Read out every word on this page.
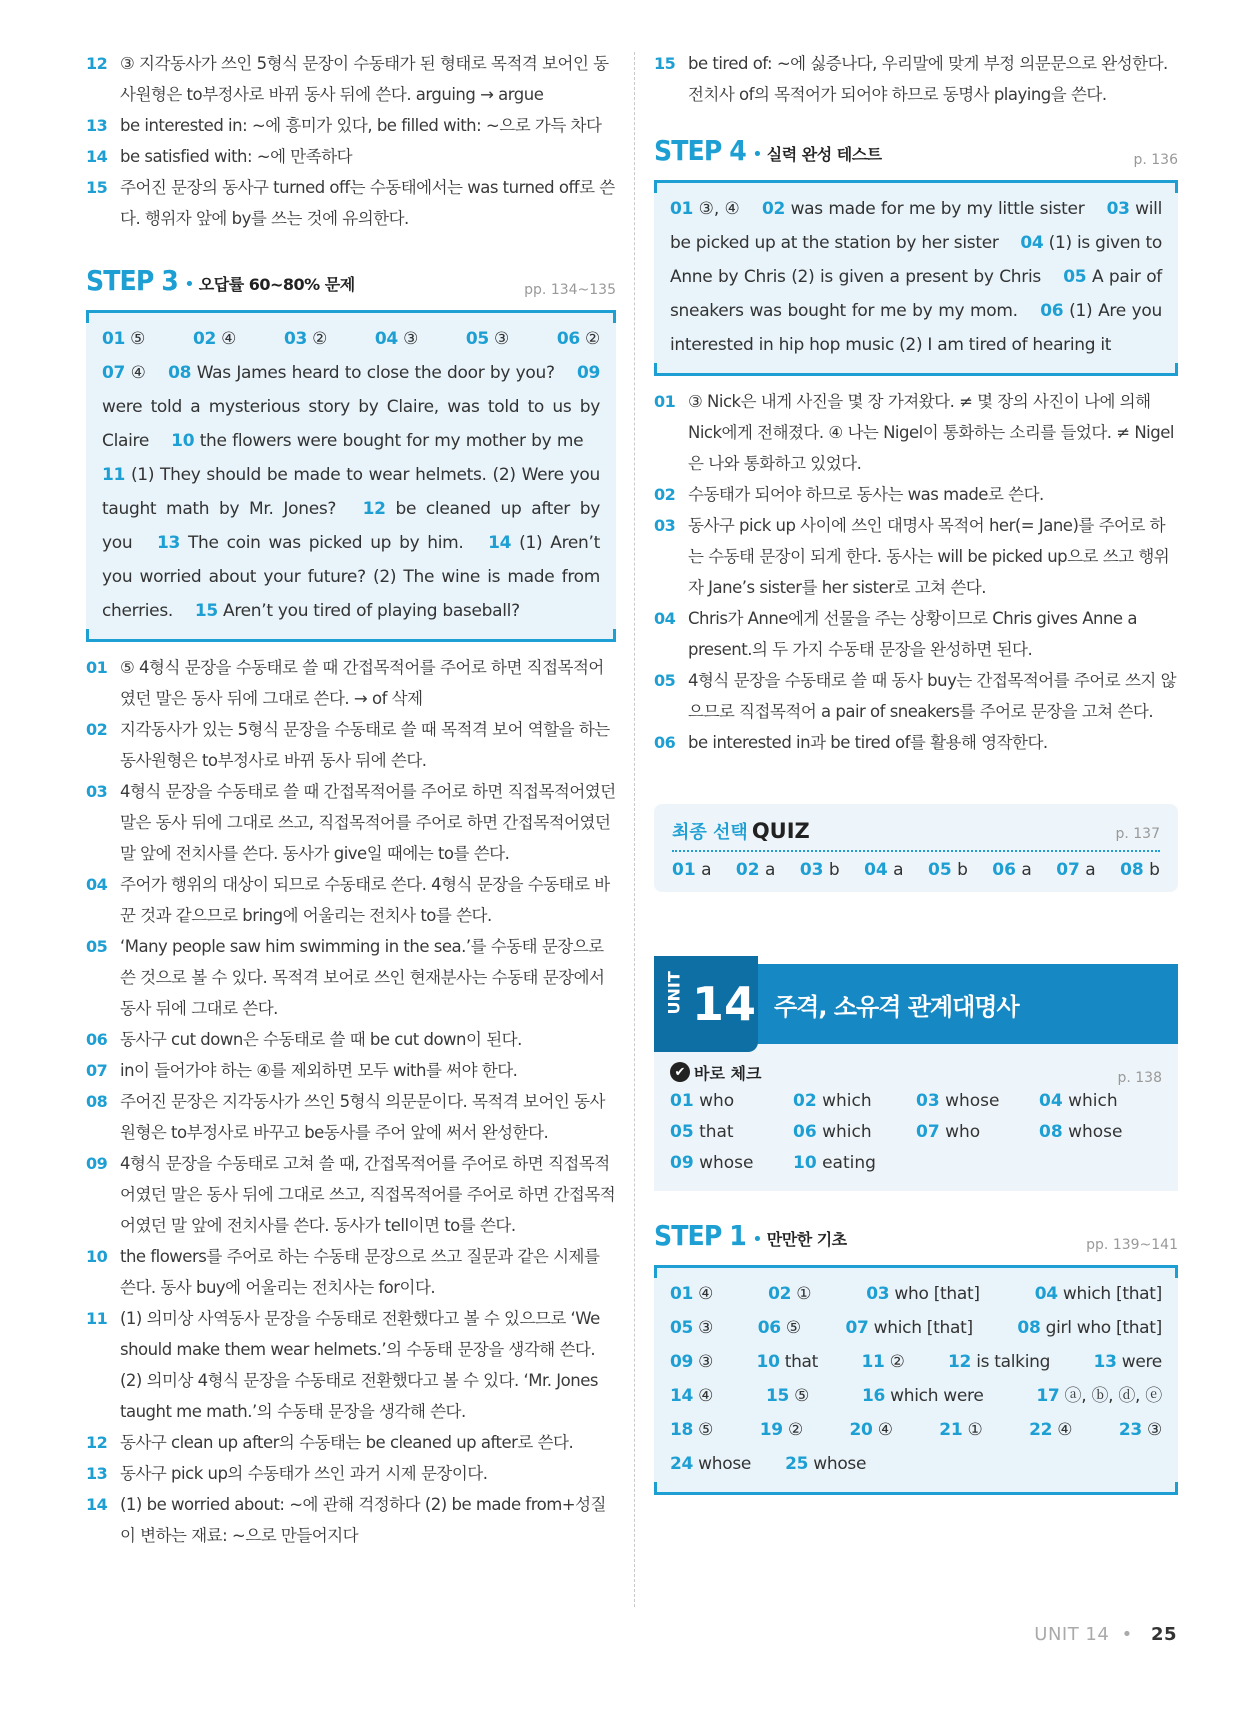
12 ③ 지각동사가 쓰인 5형식 문장이 수동태가 된 형태로 목적격 보어인 동사원형은 to부정사로 바뀌 동사 뒤에 쓴다. arguing → argue
13 be interested in: ~에 흥미가 있다, be filled with: ~으로 가득 차다
14 be satisfied with: ~에 만족하다
15 주어진 문장의 동사구 turned off는 수동태에서는 was turned off로 쓴다. 행위자 앞에 by를 쓰는 것에 유의한다.
STEP 3 • 오답률 60~80% 문제	pp. 134~135
01 ⑤	02 ④	03 ②	04 ③	05 ③	06 ②
07 ④  08 Was James heard to close the door by you?  09 were told a mysterious story by Claire, was told to us by Claire  10 the flowers were bought for my mother by me  11 (1) They should be made to wear helmets. (2) Were you taught math by Mr. Jones?  12 be cleaned up after by you  13 The coin was picked up by him.  14 (1) Aren’t you worried about your future? (2) The wine is made from cherries.  15 Aren’t you tired of playing baseball? 
01 ⑤ 4형식 문장을 수동태로 쓸 때 간접목적어를 주어로 하면 직접목적어였던 말은 동사 뒤에 그대로 쓴다. → of 삭제
02 지각동사가 있는 5형식 문장을 수동태로 쓸 때 목적격 보어 역할을 하는 동사원형은 to부정사로 바뀌 동사 뒤에 쓴다.
03 4형식 문장을 수동태로 쓸 때 간접목적어를 주어로 하면 직접목적어였던 말은 동사 뒤에 그대로 쓰고, 직접목적어를 주어로 하면 간접목적어였던 말 앞에 전치사를 쓴다. 동사가 give일 때에는 to를 쓴다.
04 주어가 행위의 대상이 되므로 수동태로 쓴다. 4형식 문장을 수동태로 바꾼 것과 같으므로 bring에 어울리는 전치사 to를 쓴다.
05 ‘Many people saw him swimming in the sea.’를 수동태 문장으로 쓴 것으로 볼 수 있다. 목적격 보어로 쓰인 현재분사는 수동태 문장에서 동사 뒤에 그대로 쓴다.
06 동사구 cut down은 수동태로 쓸 때 be cut down이 된다.
07 in이 들어가야 하는 ④를 제외하면 모두 with를 써야 한다.
08 주어진 문장은 지각동사가 쓰인 5형식 의문문이다. 목적격 보어인 동사원형은 to부정사로 바꾸고 be동사를 주어 앞에 써서 완성한다.
09 4형식 문장을 수동태로 고쳐 쓸 때, 간접목적어를 주어로 하면 직접목적어였던 말은 동사 뒤에 그대로 쓰고, 직접목적어를 주어로 하면 간접목적어였던 말 앞에 전치사를 쓴다. 동사가 tell이면 to를 쓴다.
10 the flowers를 주어로 하는 수동태 문장으로 쓰고 질문과 같은 시제를 쓴다. 동사 buy에 어울리는 전치사는 for이다.
11 (1) 의미상 사역동사 문장을 수동태로 전환했다고 볼 수 있으므로 ‘We should make them wear helmets.’의 수동태 문장을 생각해 쓴다. (2) 의미상 4형식 문장을 수동태로 전환했다고 볼 수 있다. ‘Mr. Jones taught me math.’의 수동태 문장을 생각해 쓴다.
12 동사구 clean up after의 수동태는 be cleaned up after로 쓴다.
13 동사구 pick up의 수동태가 쓰인 과거 시제 문장이다.
14 (1) be worried about: ~에 관해 걱정하다 (2) be made from+성질이 변하는 재료: ~으로 만들어지다
15 be tired of: ~에 싫증나다, 우리말에 맞게 부정 의문문으로 완성한다. 전치사 of의 목적어가 되어야 하므로 동명사 playing을 쓴다.
STEP 4 • 실력 완성 테스트	p. 136
01 ③, ④  02 was made for me by my little sister  03 will be picked up at the station by her sister  04 (1) is given to Anne by Chris (2) is given a present by Chris  05 A pair of sneakers was bought for me by my mom.  06 (1) Are you interested in hip hop music (2) I am tired of hearing it 
01 ③ Nick은 내게 사진을 몇 장 가져왔다. ≠ 몇 장의 사진이 나에 의해 Nick에게 전해졌다. ④ 나는 Nigel이 통화하는 소리를 들었다. ≠ Nigel은 나와 통화하고 있었다.
02 수동태가 되어야 하므로 동사는 was made로 쓴다.
03 동사구 pick up 사이에 쓰인 대명사 목적어 her(= Jane)를 주어로 하는 수동태 문장이 되게 한다. 동사는 will be picked up으로 쓰고 행위자 Jane’s sister를 her sister로 고쳐 쓴다.
04 Chris가 Anne에게 선물을 주는 상황이므로 Chris gives Anne a present.의 두 가지 수동태 문장을 완성하면 된다.
05 4형식 문장을 수동태로 쓸 때 동사 buy는 간접목적어를 주어로 쓰지 않으므로 직접목적어 a pair of sneakers를 주어로 문장을 고쳐 쓴다.
06 be interested in과 be tired of를 활용해 영작한다.
최종 선택 QUIZ	p. 137
01 a 02 a 03 b 04 a 05 b 06 a 07 a 08 b
UNIT 14 주격, 소유격 관계대명사
✔ 바로 체크	p. 138
01 who	02 which	03 whose	04 which
05 that	06 which	07 who	08 whose
09 whose	10 eating
STEP 1 • 만만한 기초	pp. 139~141
01 ④	02 ①	03 who [that]	04 which [that]
05 ③	06 ⑤	07 which [that]	08 girl who [that]
09 ③	10 that	11 ②	12 is talking	13 were
14 ④	15 ⑤	16 which were	17 ⓐ, ⓑ, ⓓ, ⓔ
18 ⑤	19 ②	20 ④	21 ①	22 ④	23 ③
24 whose 25 whose
UNIT 14 • 25
